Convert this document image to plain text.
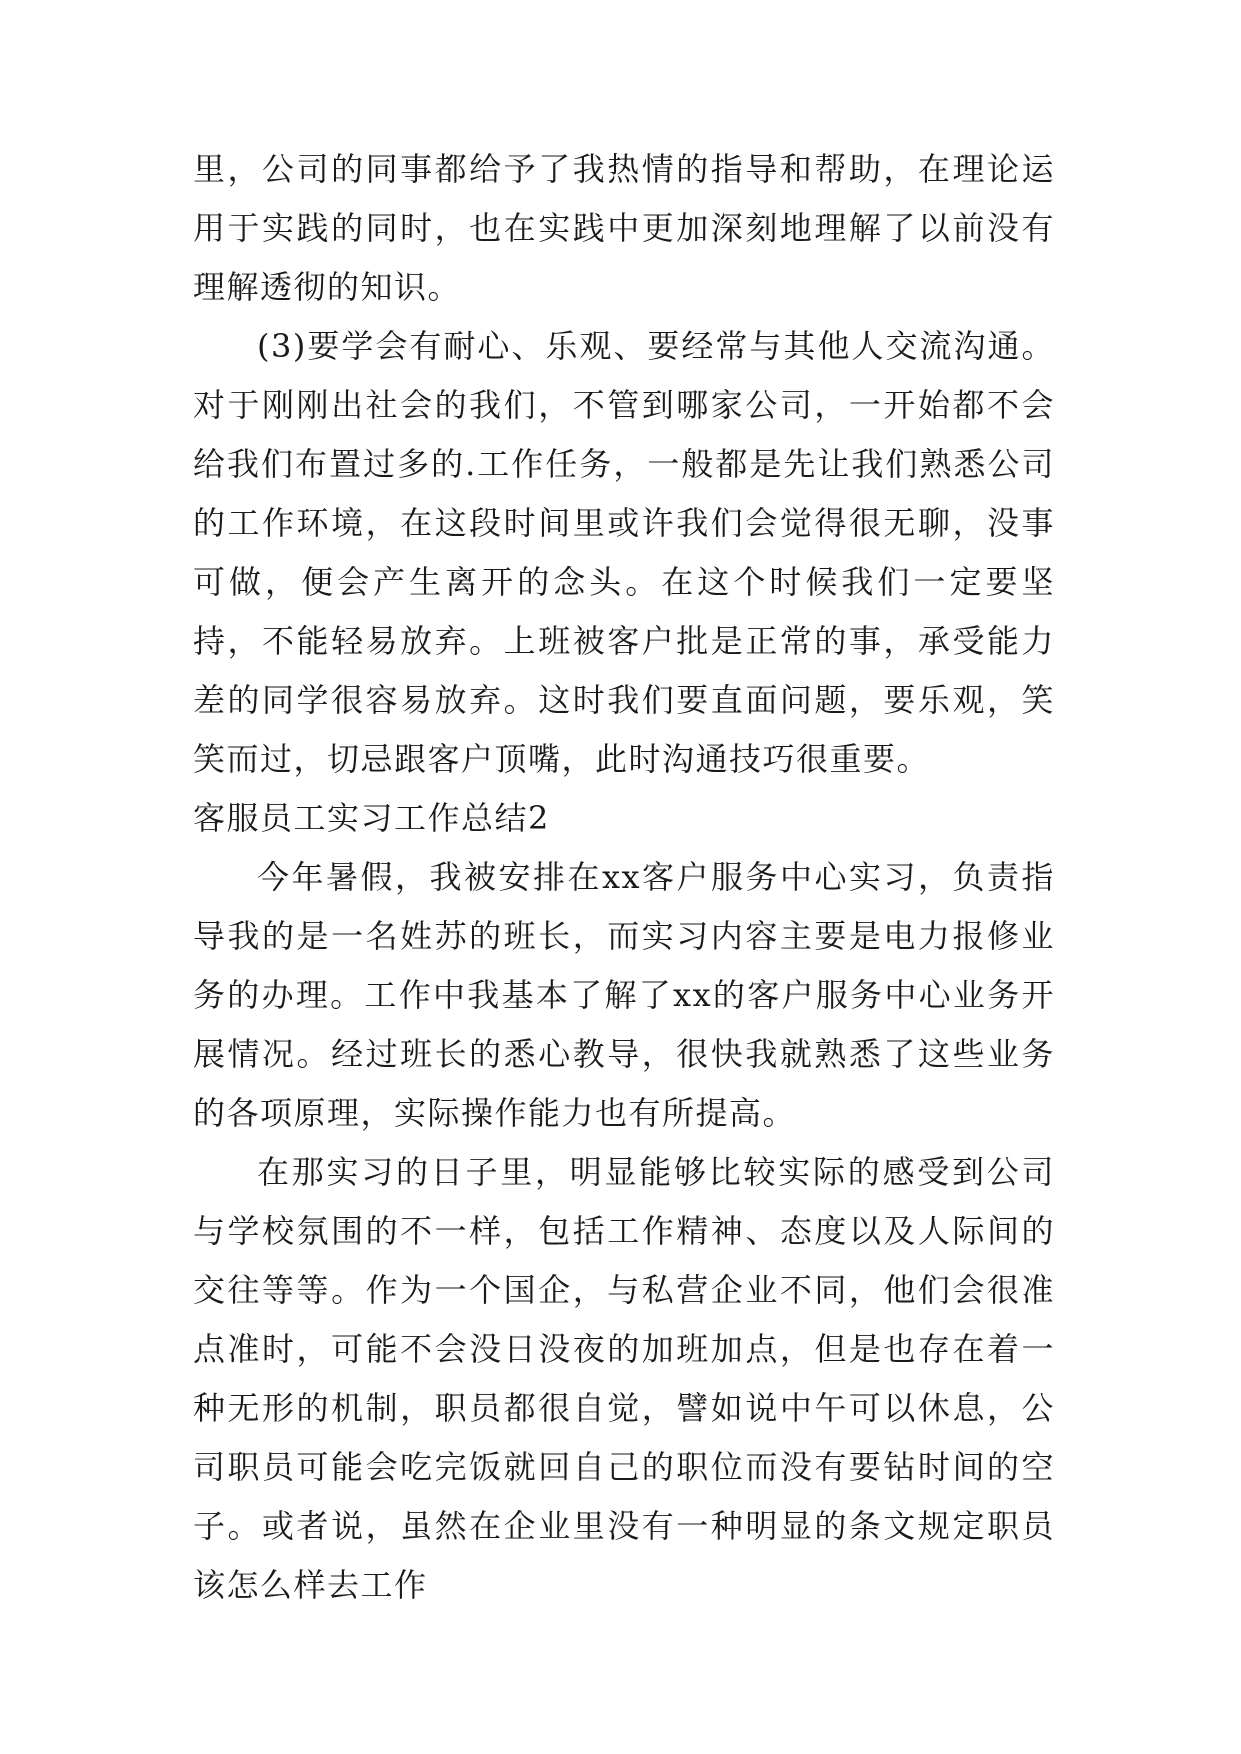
里，公司的同事都给予了我热情的指导和帮助，在理论运用于实践的同时，也在实践中更加深刻地理解了以前没有理解透彻的知识。

(3)要学会有耐心、乐观、要经常与其他人交流沟通。对于刚刚出社会的我们，不管到哪家公司，一开始都不会给我们布置过多的.工作任务，一般都是先让我们熟悉公司的工作环境，在这段时间里或许我们会觉得很无聊，没事可做，便会产生离开的念头。在这个时候我们一定要坚持，不能轻易放弃。上班被客户批是正常的事，承受能力差的同学很容易放弃。这时我们要直面问题，要乐观，笑笑而过，切忌跟客户顶嘴，此时沟通技巧很重要。

客服员工实习工作总结2

今年暑假，我被安排在xx客户服务中心实习，负责指导我的是一名姓苏的班长，而实习内容主要是电力报修业务的办理。工作中我基本了解了xx的客户服务中心业务开展情况。经过班长的悉心教导，很快我就熟悉了这些业务的各项原理，实际操作能力也有所提高。

在那实习的日子里，明显能够比较实际的感受到公司与学校氛围的不一样，包括工作精神、态度以及人际间的交往等等。作为一个国企，与私营企业不同，他们会很准点准时，可能不会没日没夜的加班加点，但是也存在着一种无形的机制，职员都很自觉，譬如说中午可以休息，公司职员可能会吃完饭就回自己的职位而没有要钻时间的空子。或者说，虽然在企业里没有一种明显的条文规定职员该怎么样去工作
